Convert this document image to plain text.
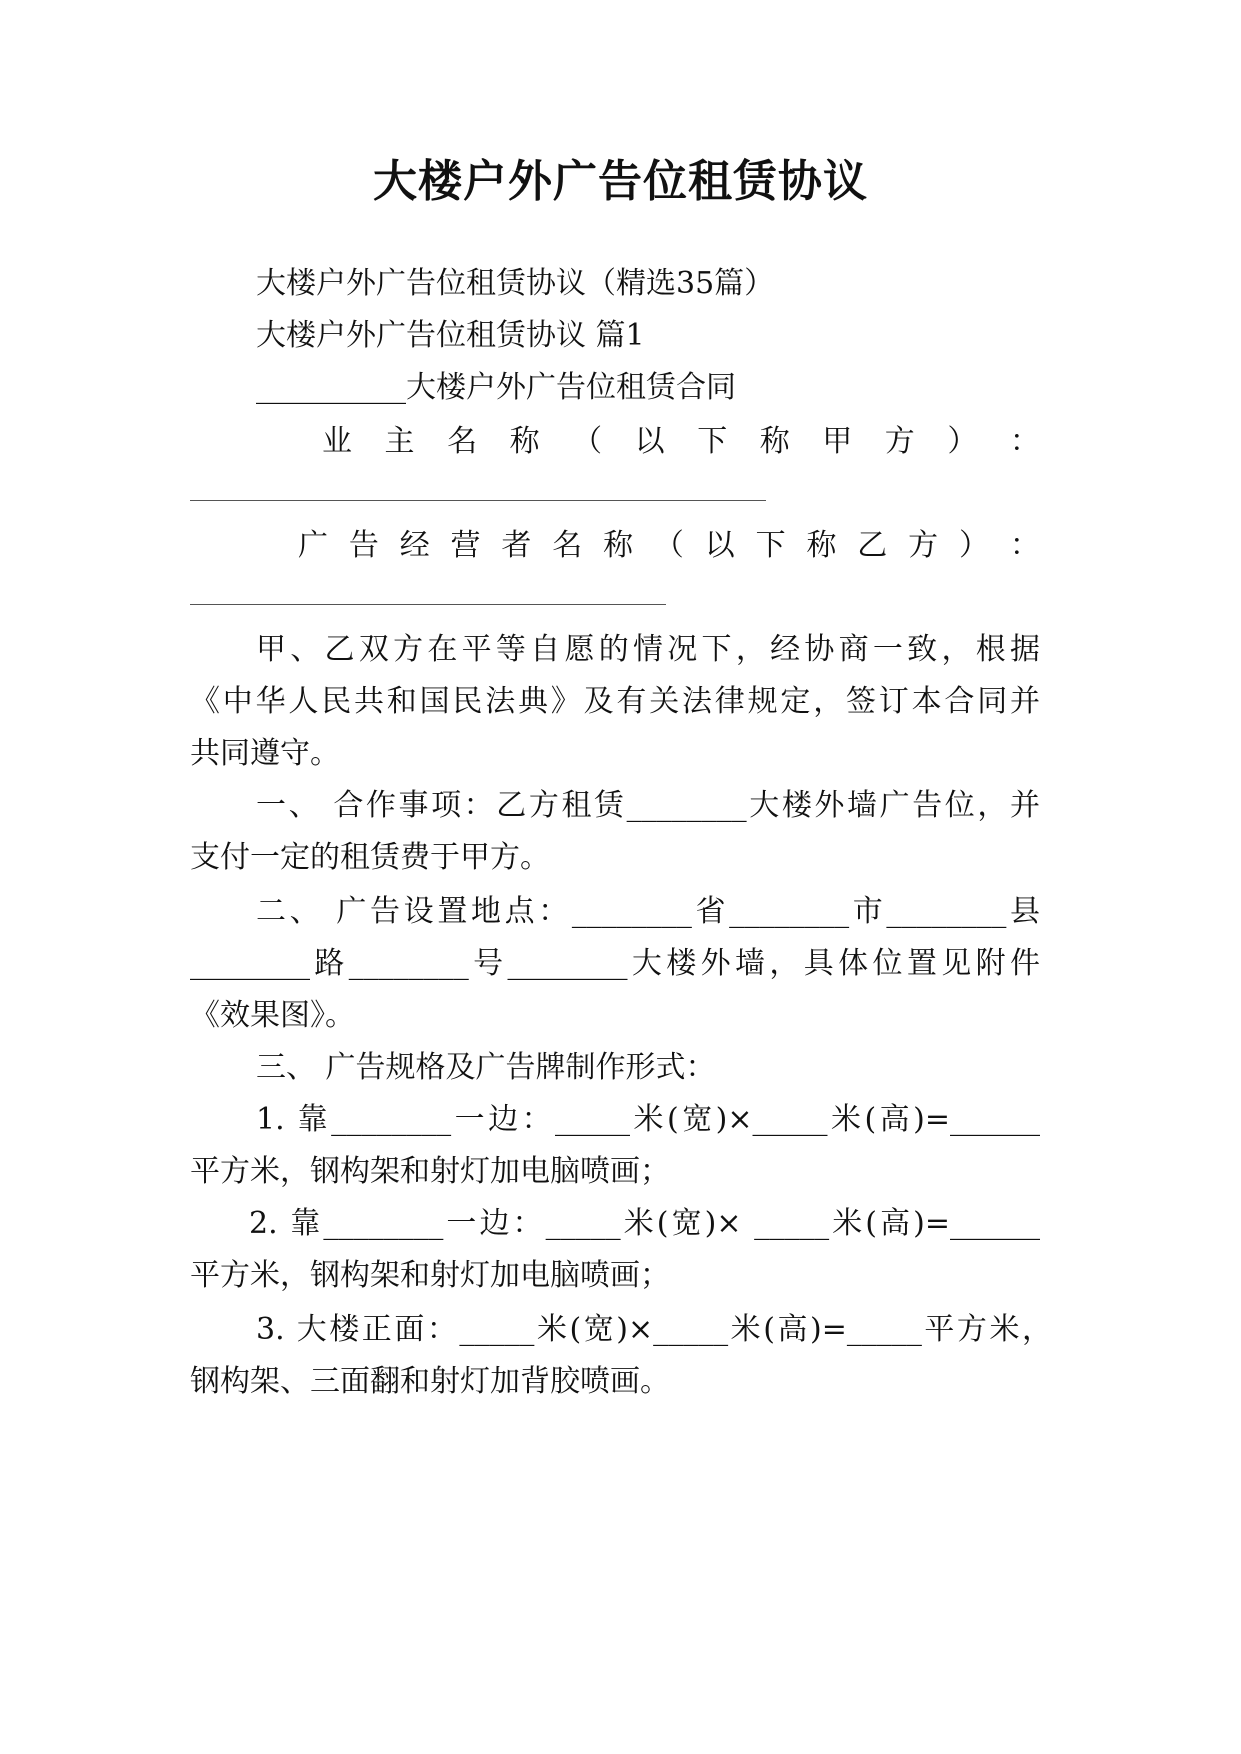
大楼户外广告位租赁协议
大楼户外广告位租赁协议（精选35篇）
大楼户外广告位租赁协议 篇1
__________大楼户外广告位租赁合同
业 主 名 称 （ 以 下 称 甲 方 ） ：
广 告 经 营 者 名 称 （ 以 下 称 乙 方 ） ：
甲、乙双方在平等自愿的情况下，经协商一致，根据
《中华人民共和国民法典》及有关法律规定，签订本合同并
共同遵守。
一、 合作事项：乙方租赁________大楼外墙广告位，并
支付一定的租赁费于甲方。
二、 广告设置地点：________省________市________县
________路________号________大楼外墙，具体位置见附件
《效果图》。
三、 广告规格及广告牌制作形式：
1. 靠________一边：_____米(宽)×_____米(高)=______
平方米，钢构架和射灯加电脑喷画；
2. 靠________一边：_____米(宽)× _____米(高)=______
平方米，钢构架和射灯加电脑喷画；
3. 大楼正面：_____米(宽)×_____米(高)=_____平方米，
钢构架、三面翻和射灯加背胶喷画。
